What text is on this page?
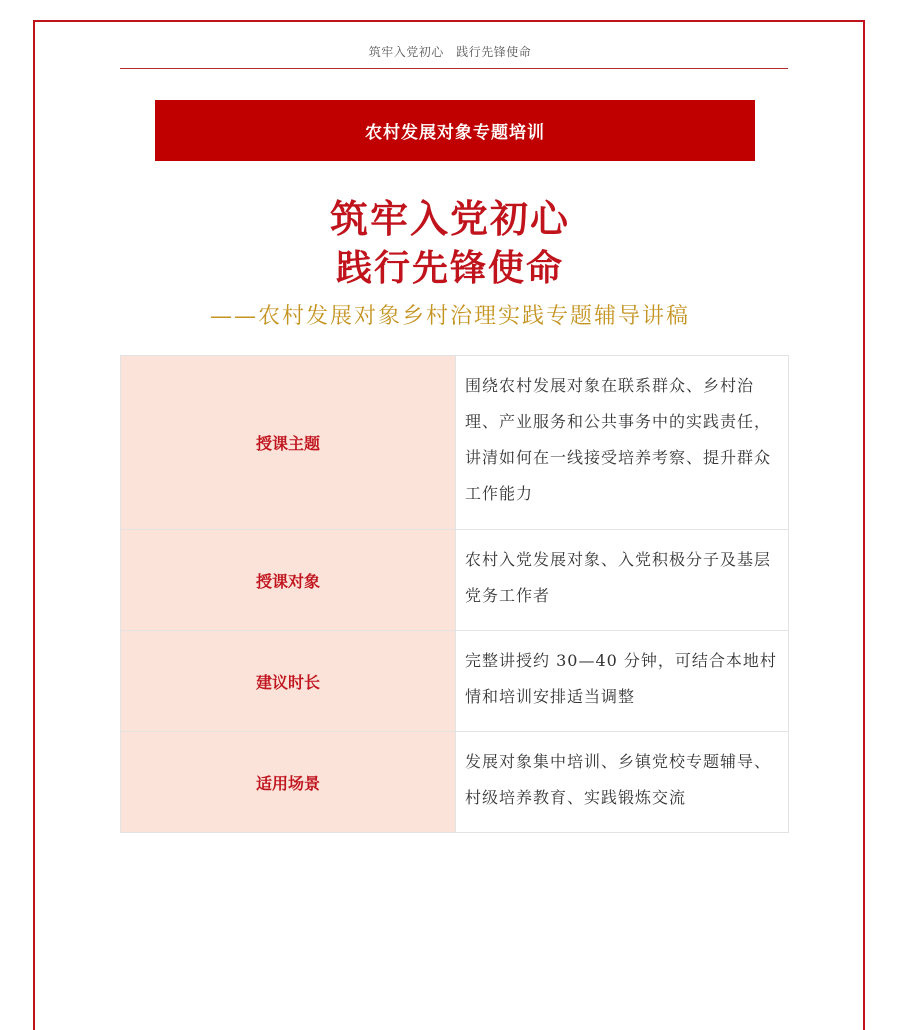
筑牢入党初心　践行先锋使命
农村发展对象专题培训
筑牢入党初心
践行先锋使命
——农村发展对象乡村治理实践专题辅导讲稿
授课主题	围绕农村发展对象在联系群众、乡村治理、产业服务和公共事务中的实践责任，讲清如何在一线接受培养考察、提升群众工作能力
授课对象	农村入党发展对象、入党积极分子及基层党务工作者
建议时长	完整讲授约 30—40 分钟，可结合本地村情和培训安排适当调整
适用场景	发展对象集中培训、乡镇党校专题辅导、村级培养教育、实践锻炼交流
